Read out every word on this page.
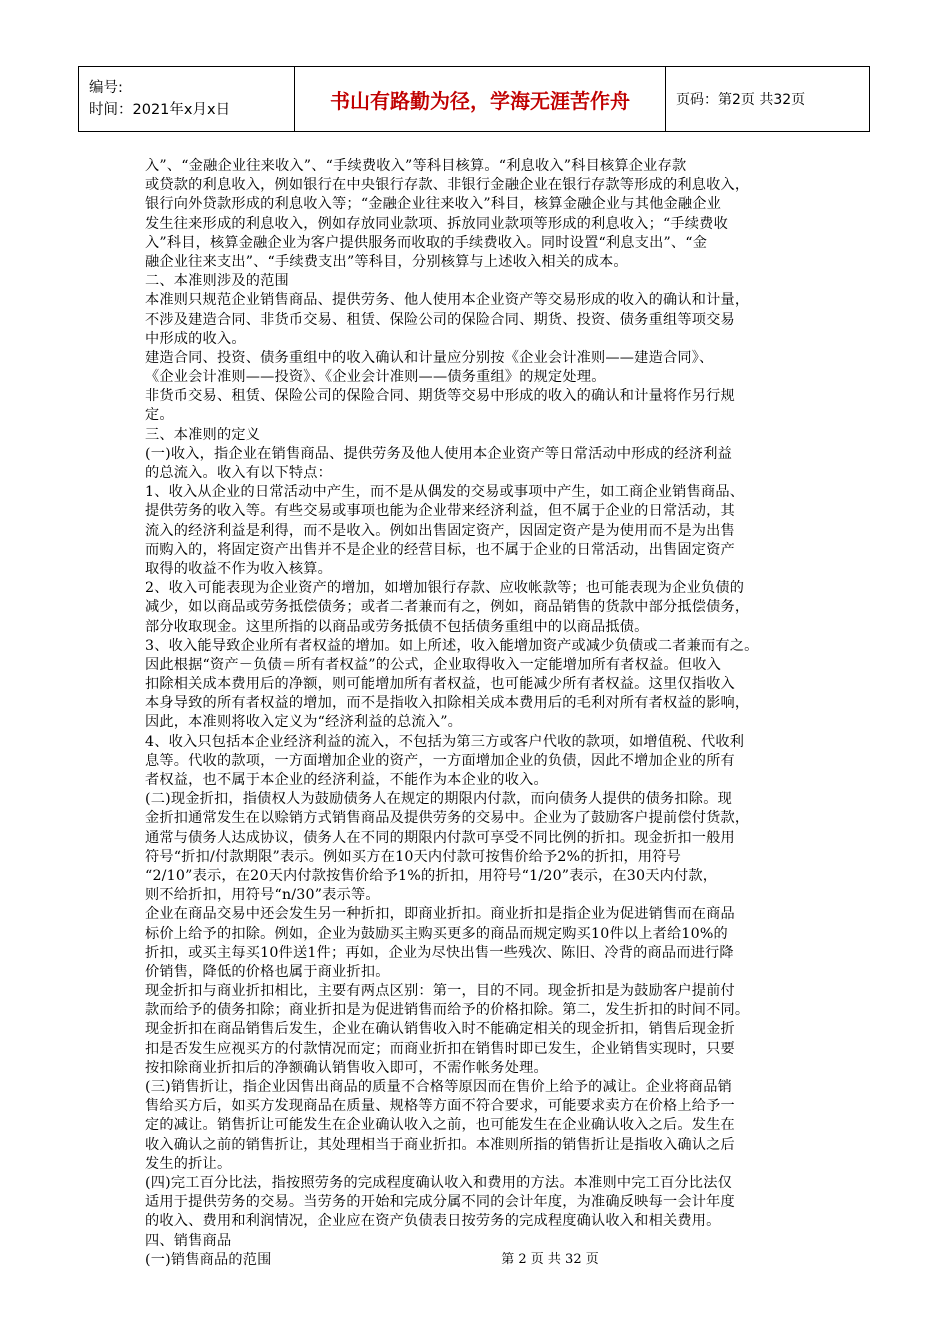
编号:
时间：2021年x月x日	书山有路勤为径，学海无涯苦作舟	页码：第2页 共32页
入”、“金融企业往来收入”、“手续费收入”等科目核算。“利息收入”科目核算企业存款
或贷款的利息收入，例如银行在中央银行存款、非银行金融企业在银行存款等形成的利息收入，
银行向外贷款形成的利息收入等；“金融企业往来收入”科目，核算金融企业与其他金融企业
发生往来形成的利息收入，例如存放同业款项、拆放同业款项等形成的利息收入；“手续费收
入”科目，核算金融企业为客户提供服务而收取的手续费收入。同时设置“利息支出”、“金
融企业往来支出”、“手续费支出”等科目，分别核算与上述收入相关的成本。
二、本准则涉及的范围
本准则只规范企业销售商品、提供劳务、他人使用本企业资产等交易形成的收入的确认和计量，
不涉及建造合同、非货币交易、租赁、保险公司的保险合同、期货、投资、债务重组等项交易
中形成的收入。
建造合同、投资、债务重组中的收入确认和计量应分别按《企业会计准则——建造合同》、
《企业会计准则——投资》、《企业会计准则——债务重组》的规定处理。
非货币交易、租赁、保险公司的保险合同、期货等交易中形成的收入的确认和计量将作另行规
定。
三、本准则的定义
(一)收入，指企业在销售商品、提供劳务及他人使用本企业资产等日常活动中形成的经济利益
的总流入。收入有以下特点：
1、收入从企业的日常活动中产生，而不是从偶发的交易或事项中产生，如工商企业销售商品、
提供劳务的收入等。有些交易或事项也能为企业带来经济利益，但不属于企业的日常活动，其
流入的经济利益是利得，而不是收入。例如出售固定资产，因固定资产是为使用而不是为出售
而购入的，将固定资产出售并不是企业的经营目标，也不属于企业的日常活动，出售固定资产
取得的收益不作为收入核算。
2、收入可能表现为企业资产的增加，如增加银行存款、应收帐款等；也可能表现为企业负债的
减少，如以商品或劳务抵偿债务；或者二者兼而有之，例如，商品销售的货款中部分抵偿债务，
部分收取现金。这里所指的以商品或劳务抵债不包括债务重组中的以商品抵债。
3、收入能导致企业所有者权益的增加。如上所述，收入能增加资产或减少负债或二者兼而有之。
因此根据“资产－负债＝所有者权益”的公式，企业取得收入一定能增加所有者权益。但收入
扣除相关成本费用后的净额，则可能增加所有者权益，也可能减少所有者权益。这里仅指收入
本身导致的所有者权益的增加，而不是指收入扣除相关成本费用后的毛利对所有者权益的影响，
因此，本准则将收入定义为“经济利益的总流入”。
4、收入只包括本企业经济利益的流入，不包括为第三方或客户代收的款项，如增值税、代收利
息等。代收的款项，一方面增加企业的资产，一方面增加企业的负债，因此不增加企业的所有
者权益，也不属于本企业的经济利益，不能作为本企业的收入。
(二)现金折扣，指债权人为鼓励债务人在规定的期限内付款，而向债务人提供的债务扣除。现
金折扣通常发生在以赊销方式销售商品及提供劳务的交易中。企业为了鼓励客户提前偿付货款，
通常与债务人达成协议，债务人在不同的期限内付款可享受不同比例的折扣。现金折扣一般用
符号“折扣/付款期限”表示。例如买方在10天内付款可按售价给予2%的折扣，用符号
“2/10”表示，在20天内付款按售价给予1%的折扣，用符号“1/20”表示，在30天内付款，
则不给折扣，用符号“n/30”表示等。
企业在商品交易中还会发生另一种折扣，即商业折扣。商业折扣是指企业为促进销售而在商品
标价上给予的扣除。例如，企业为鼓励买主购买更多的商品而规定购买10件以上者给10%的
折扣，或买主每买10件送1件；再如，企业为尽快出售一些残次、陈旧、冷背的商品而进行降
价销售，降低的价格也属于商业折扣。
现金折扣与商业折扣相比，主要有两点区别：第一，目的不同。现金折扣是为鼓励客户提前付
款而给予的债务扣除；商业折扣是为促进销售而给予的价格扣除。第二，发生折扣的时间不同。
现金折扣在商品销售后发生，企业在确认销售收入时不能确定相关的现金折扣，销售后现金折
扣是否发生应视买方的付款情况而定；而商业折扣在销售时即已发生，企业销售实现时，只要
按扣除商业折扣后的净额确认销售收入即可，不需作帐务处理。
(三)销售折让，指企业因售出商品的质量不合格等原因而在售价上给予的减让。企业将商品销
售给买方后，如买方发现商品在质量、规格等方面不符合要求，可能要求卖方在价格上给予一
定的减让。销售折让可能发生在企业确认收入之前，也可能发生在企业确认收入之后。发生在
收入确认之前的销售折让，其处理相当于商业折扣。本准则所指的销售折让是指收入确认之后
发生的折让。
(四)完工百分比法，指按照劳务的完成程度确认收入和费用的方法。本准则中完工百分比法仅
适用于提供劳务的交易。当劳务的开始和完成分属不同的会计年度，为准确反映每一会计年度
的收入、费用和利润情况，企业应在资产负债表日按劳务的完成程度确认收入和相关费用。
四、销售商品
(一)销售商品的范围	第 2 页 共 32 页
